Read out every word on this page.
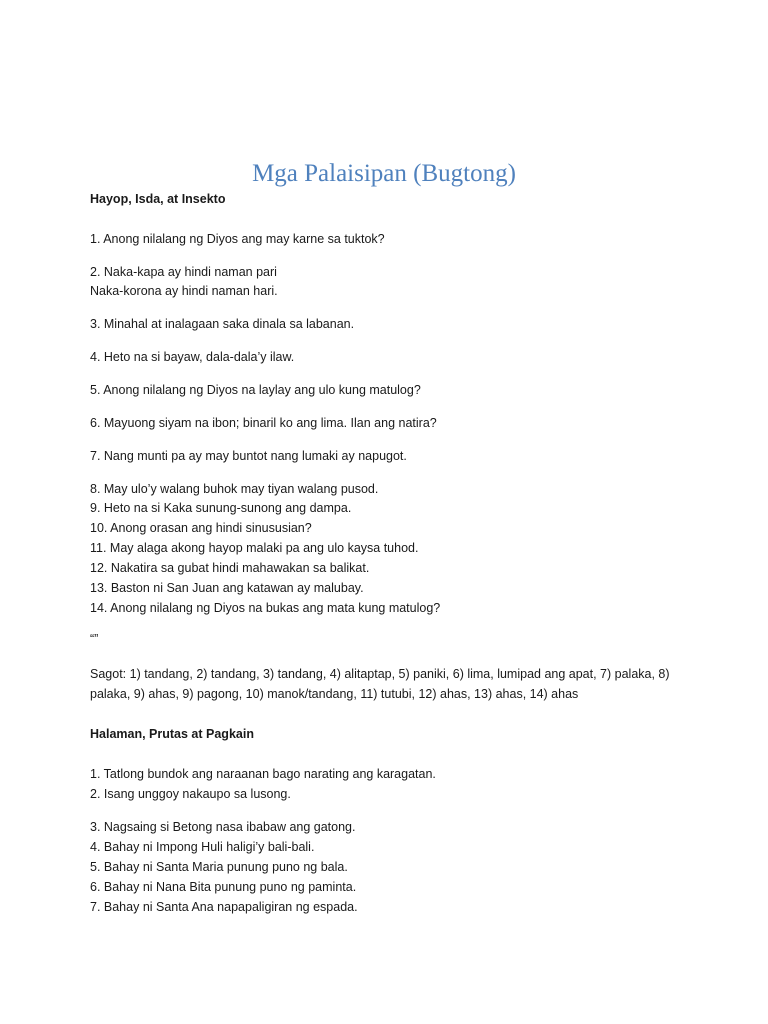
Mga Palaisipan (Bugtong)

Hayop, Isda, at Insekto

1. Anong nilalang ng Diyos ang may karne sa tuktok?

2. Naka-kapa ay hindi naman pari

Naka-korona ay hindi naman hari.

3. Minahal at inalagaan saka dinala sa labanan.

4. Heto na si bayaw, dala-dala’y ilaw.

5. Anong nilalang ng Diyos na laylay ang ulo kung matulog?

6. Mayuong siyam na ibon; binaril ko ang lima. Ilan ang natira?

7. Nang munti pa ay may buntot nang lumaki ay napugot.

8. May ulo’y walang buhok may tiyan walang pusod.

9. Heto na si Kaka sunung-sunong ang dampa.

10. Anong orasan ang hindi sinususian?

11. May alaga akong hayop malaki pa ang ulo kaysa tuhod.

12. Nakatira sa gubat hindi mahawakan sa balikat.

13. Baston ni San Juan ang katawan ay malubay.

14. Anong nilalang ng Diyos na bukas ang mata kung matulog?

“”

Sagot: 1) tandang, 2) tandang, 3) tandang, 4) alitaptap, 5) paniki, 6) lima, lumipad ang apat, 7) palaka, 8)

palaka, 9) ahas, 9) pagong, 10) manok/tandang, 11) tutubi, 12) ahas, 13) ahas, 14) ahas

Halaman, Prutas at Pagkain

1. Tatlong bundok ang naraanan bago narating ang karagatan.

2. Isang unggoy nakaupo sa lusong.

3. Nagsaing si Betong nasa ibabaw ang gatong.

4. Bahay ni Impong Huli haligi’y bali-bali.

5. Bahay ni Santa Maria punung puno ng bala.

6. Bahay ni Nana Bita punung puno ng paminta.

7. Bahay ni Santa Ana napapaligiran ng espada.
